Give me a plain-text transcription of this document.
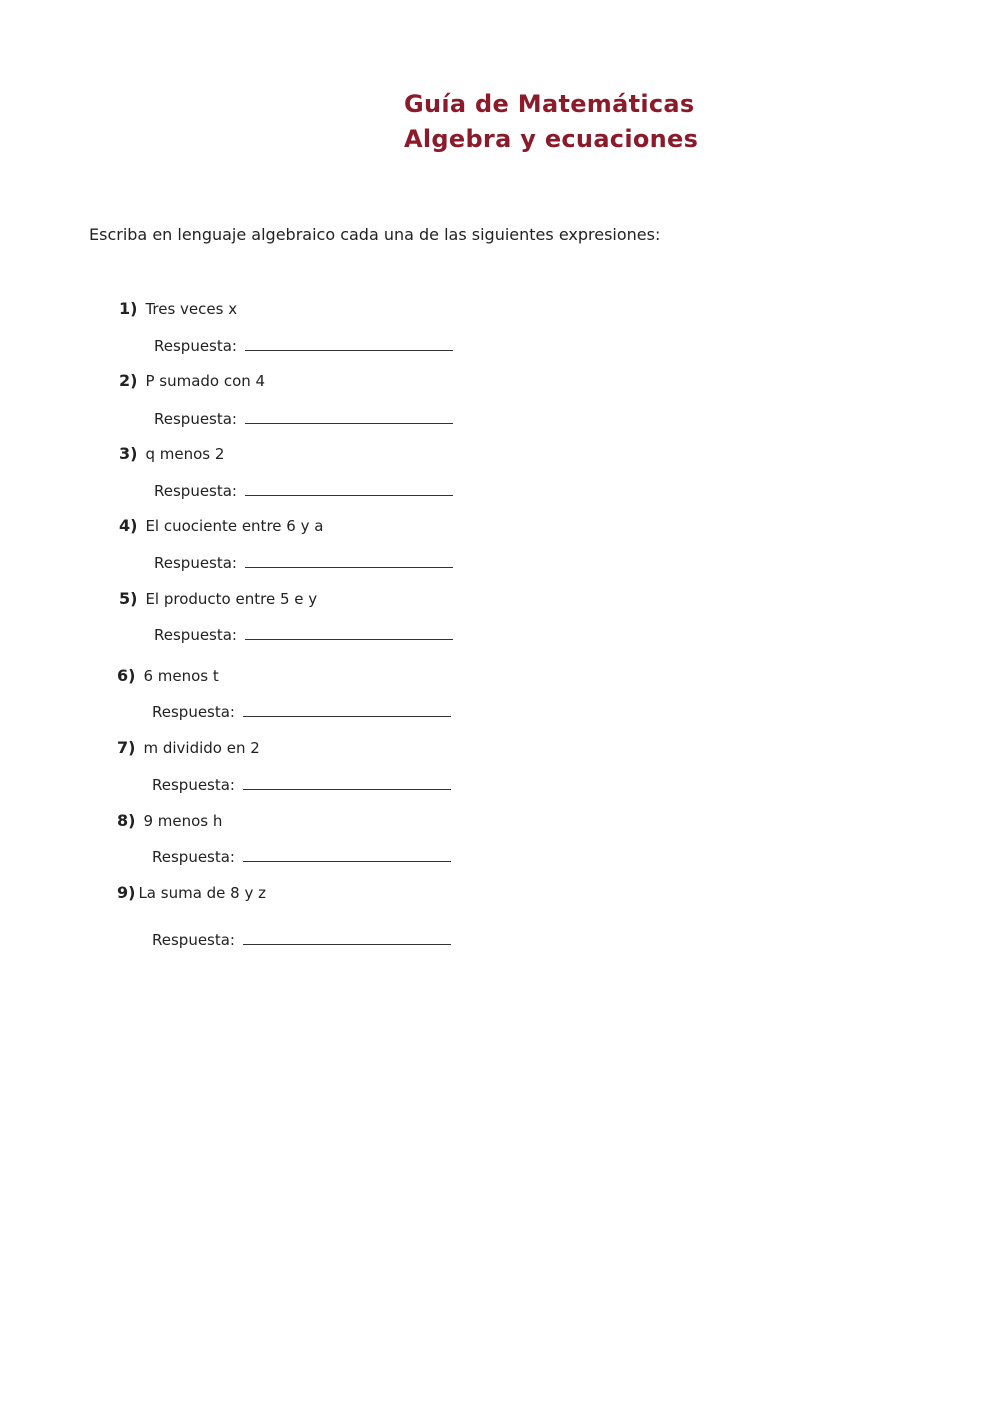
Guía de Matemáticas
Algebra y ecuaciones
Escriba en lenguaje algebraico cada una de las siguientes expresiones:
1) Tres veces x
Respuesta:
2) P sumado con 4
Respuesta:
3) q menos 2
Respuesta:
4) El cuociente entre 6 y a
Respuesta:
5) El producto entre 5 e y
Respuesta:
6) 6 menos t
Respuesta:
7) m dividido en 2
Respuesta:
8) 9 menos h
Respuesta:
9) La suma de 8 y z
Respuesta:
